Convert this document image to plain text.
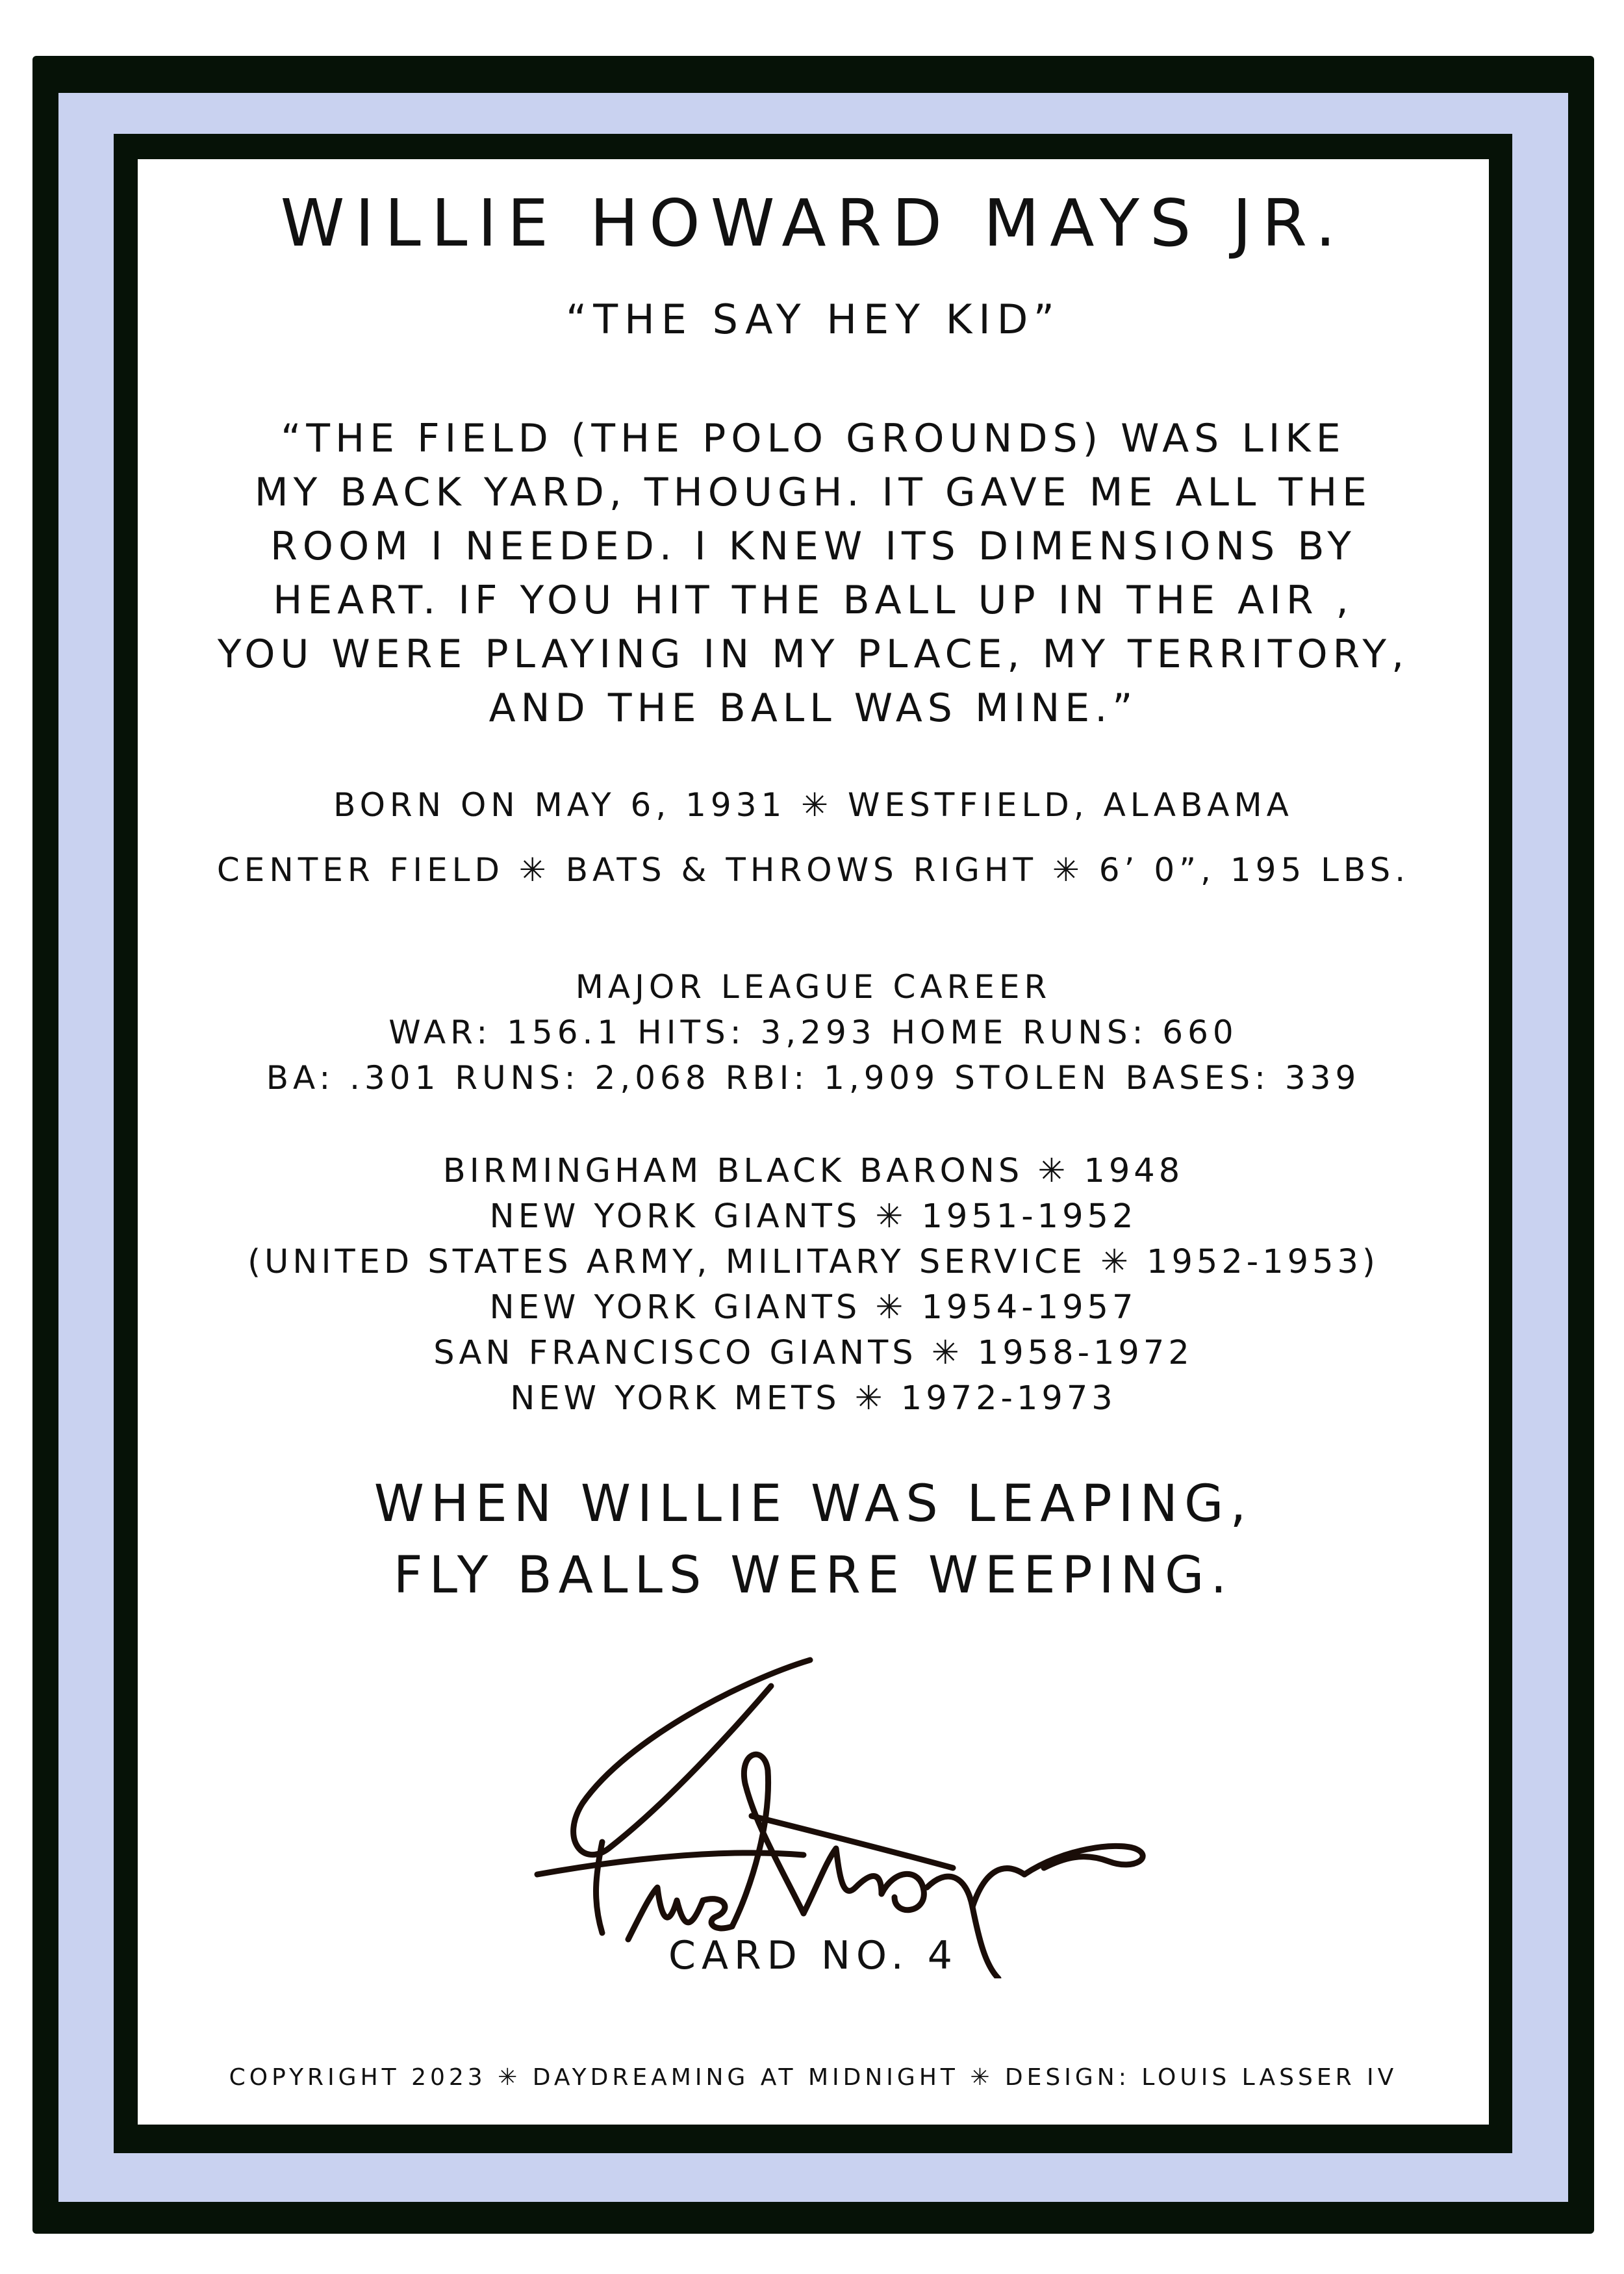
WILLIE HOWARD MAYS JR.
“THE SAY HEY KID”
“THE FIELD (THE POLO GROUNDS) WAS LIKE
MY BACK YARD, THOUGH. IT GAVE ME ALL THE
ROOM I NEEDED. I KNEW ITS DIMENSIONS BY
HEART. IF YOU HIT THE BALL UP IN THE AIR ,
YOU WERE PLAYING IN MY PLACE, MY TERRITORY,
AND THE BALL WAS MINE.”
BORN ON MAY 6, 1931 ✳ WESTFIELD, ALABAMA
CENTER FIELD ✳ BATS & THROWS RIGHT ✳ 6’ 0”, 195 LBS.
MAJOR LEAGUE CAREER
WAR: 156.1 HITS: 3,293 HOME RUNS: 660
BA: .301 RUNS: 2,068 RBI: 1,909 STOLEN BASES: 339
BIRMINGHAM BLACK BARONS ✳ 1948
NEW YORK GIANTS ✳ 1951-1952
(UNITED STATES ARMY, MILITARY SERVICE ✳ 1952-1953)
NEW YORK GIANTS ✳ 1954-1957
SAN FRANCISCO GIANTS ✳ 1958-1972
NEW YORK METS ✳ 1972-1973
WHEN WILLIE WAS LEAPING,
FLY BALLS WERE WEEPING.
CARD NO. 4
COPYRIGHT 2023 ✳ DAYDREAMING AT MIDNIGHT ✳ DESIGN: LOUIS LASSER IV
